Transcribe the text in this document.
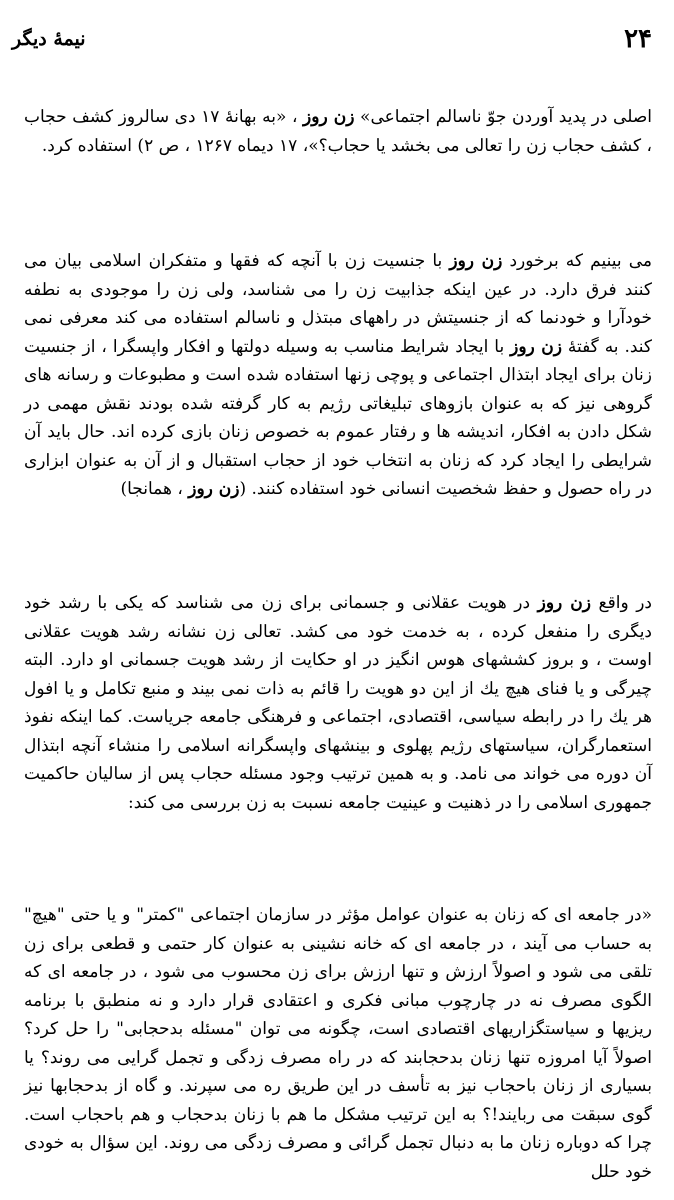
نیمهٔ دیگر	۲۴

اصلی در پدید آوردن جوّ ناسالم اجتماعی» زن روز ، «به بهانهٔ ۱۷ دی سالروز کشف حجاب ، کشف حجاب زن را تعالی می بخشد یا حجاب؟»، ۱۷ دیماه ۱۲۶۷ ، ص ۲) استفاده کرد.

می بینیم که برخورد زن روز با جنسیت زن با آنچه که فقها و متفکران اسلامی بیان می کنند فرق دارد. در عین اینکه جذابیت زن را می شناسد، ولی زن را موجودی به نطفه خودآرا و خودنما که از جنسیتش در راههای مبتذل و ناسالم استفاده می کند معرفی نمی کند. به گفتهٔ زن روز با ایجاد شرایط مناسب به وسیله دولتها و افکار واپسگرا ، از جنسیت زنان برای ایجاد ابتذال اجتماعی و پوچی زنها استفاده شده است و مطبوعات و رسانه های گروهی نیز که به عنوان بازوهای تبلیغاتی رژیم به کار گرفته شده بودند نقش مهمی در شکل دادن به افکار، اندیشه ها و رفتار عموم به خصوص زنان بازی کرده اند. حال باید آن شرایطی را ایجاد کرد که زنان به انتخاب خود از حجاب استقبال و از آن به عنوان ابزاری در راه حصول و حفظ شخصیت انسانی خود استفاده کنند. (زن روز ، همانجا)

در واقع زن روز در هویت عقلانی و جسمانی برای زن می شناسد که یکی با رشد خود دیگری را منفعل کرده ، به خدمت خود می کشد. تعالی زن نشانه رشد هویت عقلانی اوست ، و بروز کششهای هوس انگیز در او حکایت از رشد هویت جسمانی او دارد. البته چیرگی و یا فنای هیچ یك از این دو هویت را قائم به ذات نمی بیند و منبع تکامل و یا افول هر یك را در رابطه سیاسی، اقتصادی، اجتماعی و فرهنگی جامعه جریاست. کما اینکه نفوذ استعمارگران، سیاستهای رژیم پهلوی و بینشهای واپسگرانه اسلامی را منشاء آنچه ابتذال آن دوره می خواند می نامد. و به همین ترتیب وجود مسئله حجاب پس از سالیان حاکمیت جمهوری اسلامی را در ذهنیت و عینیت جامعه نسبت به زن بررسی می کند:

«در جامعه ای که زنان به عنوان عوامل مؤثر در سازمان اجتماعی "کمتر" و یا حتی "هیچ" به حساب می آیند ، در جامعه ای که خانه نشینی به عنوان کار حتمی و قطعی برای زن تلقی می شود و اصولاً ارزش و تنها ارزش برای زن محسوب می شود ، در جامعه ای که الگوی مصرف نه در چارچوب مبانی فکری و اعتقادی قرار دارد و نه منطبق با برنامه ریزیها و سیاستگزاریهای اقتصادی است، چگونه می توان "مسئله بدحجابی" را حل کرد؟ اصولاً آیا امروزه تنها زنان بدحجابند که در راه مصرف زدگی و تجمل گرایی می روند؟ یا بسیاری از زنان باحجاب نیز به تأسف در این طریق ره می سپرند. و گاه از بدحجابها نیز گوی سبقت می ربایند!؟ به این ترتیب مشکل ما هم با زنان بدحجاب و هم باحجاب است. چرا که دوباره زنان ما به دنبال تجمل گرائی و مصرف زدگی می روند. این سؤال به خودی خود حلل
